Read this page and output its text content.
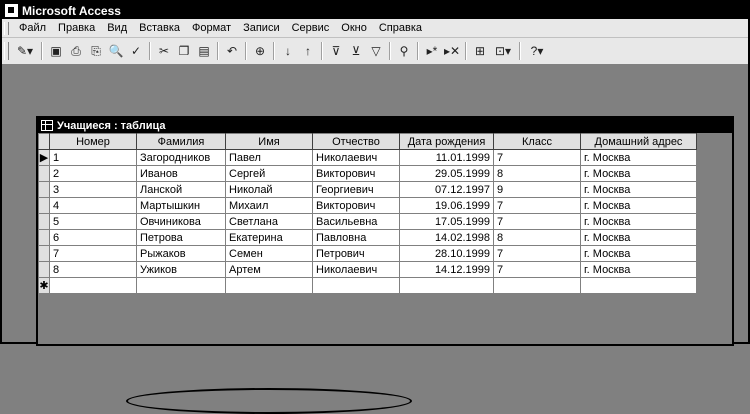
Microsoft Access
Файл	Правка	Вид	Вставка	Формат	Записи	Сервис	Окно	Справка
✎▾	▣ ⎙ ⎘ 🔍 ✓	✂ ❐ ▤	↶	⊕	↓	↑	⊽ ⊻ ▽	⚲	▸* ▸✕	⊞ ⊡▾	?▾
Учащиеся : таблица
	Номер	Фамилия	Имя	Отчество	Дата рождения	Класс	Домашний адрес
▶	1	Загородников	Павел	Николаевич	11.01.1999	7	г. Москва
	2	Иванов	Сергей	Викторович	29.05.1999	8	г. Москва
	3	Ланской	Николай	Георгиевич	07.12.1997	9	г. Москва
	4	Мартышкин	Михаил	Викторович	19.06.1999	7	г. Москва
	5	Овчиникова	Светлана	Васильевна	17.05.1999	7	г. Москва
	6	Петрова	Екатерина	Павловна	14.02.1998	8	г. Москва
	7	Рыжаков	Семен	Петрович	28.10.1999	7	г. Москва
	8	Ужиков	Артем	Николаевич	14.12.1999	7	г. Москва
✱							
